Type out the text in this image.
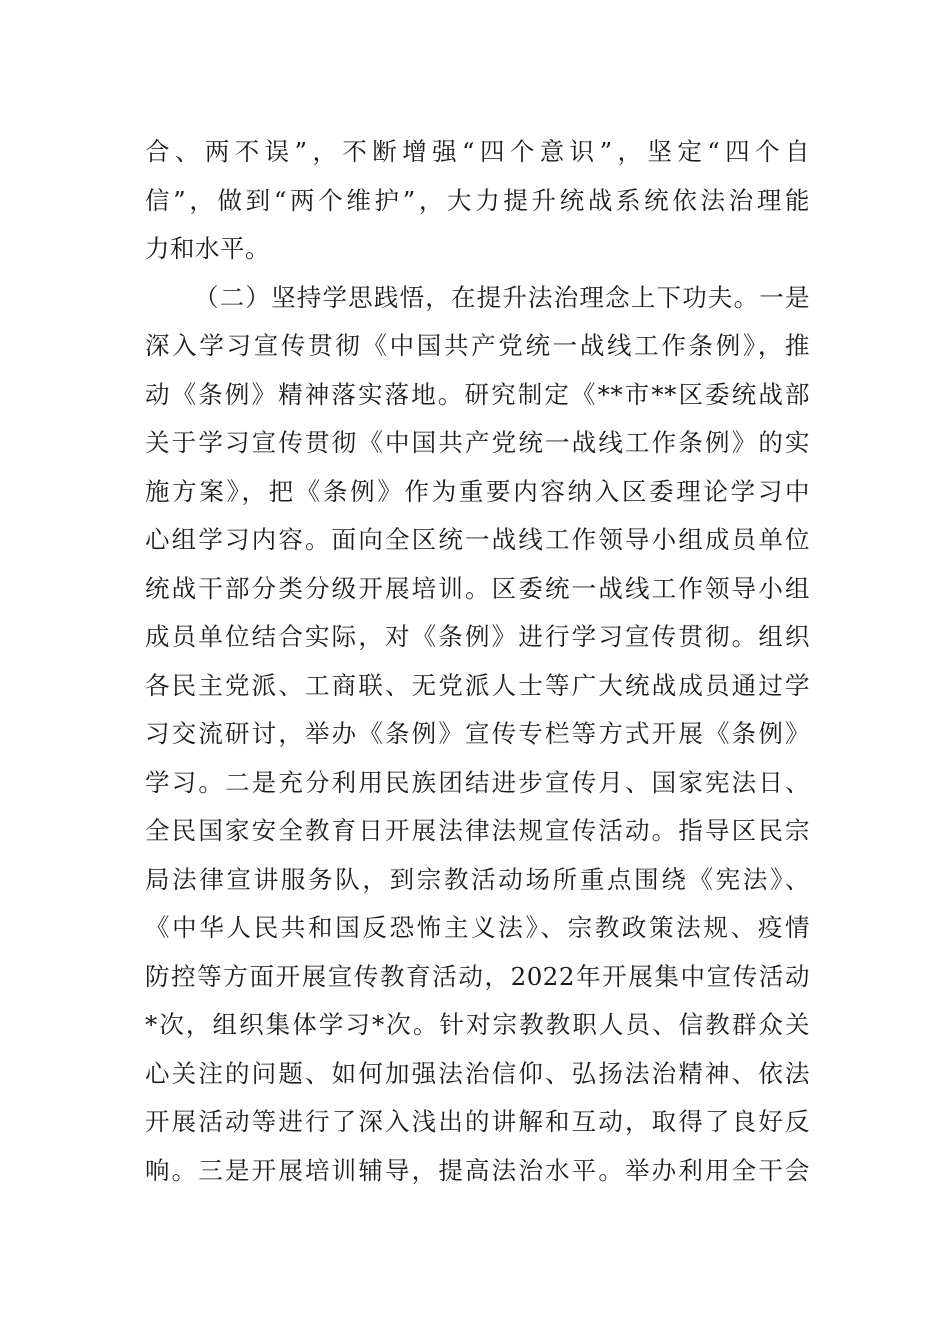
合、两不误”，不断增强“四个意识”，坚定“四个自
信”，做到“两个维护”，大力提升统战系统依法治理能
力和水平。
（二）坚持学思践悟，在提升法治理念上下功夫。一是
深入学习宣传贯彻《中国共产党统一战线工作条例》，推
动《条例》精神落实落地。研究制定《**市**区委统战部
关于学习宣传贯彻《中国共产党统一战线工作条例》的实
施方案》，把《条例》作为重要内容纳入区委理论学习中
心组学习内容。面向全区统一战线工作领导小组成员单位
统战干部分类分级开展培训。区委统一战线工作领导小组
成员单位结合实际，对《条例》进行学习宣传贯彻。组织
各民主党派、工商联、无党派人士等广大统战成员通过学
习交流研讨，举办《条例》宣传专栏等方式开展《条例》
学习。二是充分利用民族团结进步宣传月、国家宪法日、
全民国家安全教育日开展法律法规宣传活动。指导区民宗
局法律宣讲服务队，到宗教活动场所重点围绕《宪法》、
《中华人民共和国反恐怖主义法》、宗教政策法规、疫情
防控等方面开展宣传教育活动，2022年开展集中宣传活动
*次，组织集体学习*次。针对宗教教职人员、信教群众关
心关注的问题、如何加强法治信仰、弘扬法治精神、依法
开展活动等进行了深入浅出的讲解和互动，取得了良好反
响。三是开展培训辅导，提高法治水平。举办利用全干会
